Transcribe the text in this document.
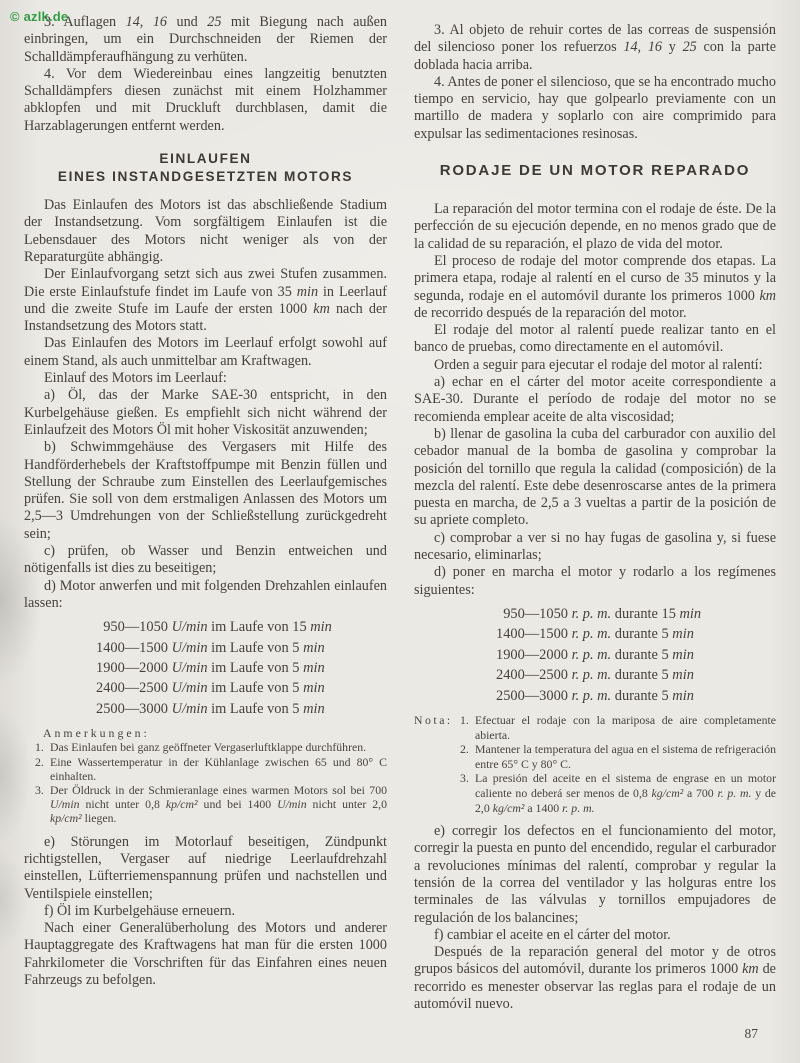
© azlk.de

3. Auflagen 14, 16 und 25 mit Biegung nach außen einbringen, um ein Durchschneiden der Riemen der Schalldämpferaufhängung zu verhüten.

4. Vor dem Wiedereinbau eines langzeitig benutzten Schalldämpfers diesen zunächst mit einem Holzhammer abklopfen und mit Druckluft durchblasen, damit die Harzablagerungen entfernt werden.

EINLAUFEN
EINES INSTANDGESETZTEN MOTORS

Das Einlaufen des Motors ist das abschließende Stadium der Instandsetzung. Vom sorgfältigem Einlaufen ist die Lebensdauer des Motors nicht weniger als von der Reparaturgüte abhängig.

Der Einlaufvorgang setzt sich aus zwei Stufen zusammen. Die erste Einlaufstufe findet im Laufe von 35 min in Leerlauf und die zweite Stufe im Laufe der ersten 1000 km nach der Instandsetzung des Motors statt.

Das Einlaufen des Motors im Leerlauf erfolgt sowohl auf einem Stand, als auch unmittelbar am Kraftwagen.

Einlauf des Motors im Leerlauf:

a) Öl, das der Marke SAE-30 entspricht, in den Kurbelgehäuse gießen. Es empfiehlt sich nicht während der Einlaufzeit des Motors Öl mit hoher Viskosität anzuwenden;

b) Schwimmgehäuse des Vergasers mit Hilfe des Handförderhebels der Kraftstoffpumpe mit Benzin füllen und Stellung der Schraube zum Einstellen des Leerlaufgemisches prüfen. Sie soll von dem erstmaligen Anlassen des Motors um 2,5—3 Umdrehungen von der Schließstellung zurückgedreht sein;

c) prüfen, ob Wasser und Benzin entweichen und nötigenfalls ist dies zu beseitigen;

d) Motor anwerfen und mit folgenden Drehzahlen einlaufen lassen:

 950—1050 U/min im Laufe von 15 min
1400—1500 U/min im Laufe von 5 min
1900—2000 U/min im Laufe von 5 min
2400—2500 U/min im Laufe von 5 min
2500—3000 U/min im Laufe von 5 min
Anmerkungen:
1. Das Einlaufen bei ganz geöffneter Vergaserluftklappe durchführen.
2. Eine Wassertemperatur in der Kühlanlage zwischen 65 und 80° C einhalten.
3. Der Öldruck in der Schmieranlage eines warmen Motors sol bei 700 U/min nicht unter 0,8 kp/cm² und bei 1400 U/min nicht unter 2,0 kp/cm² liegen.

e) Störungen im Motorlauf beseitigen, Zündpunkt richtigstellen, Vergaser auf niedrige Leerlaufdrehzahl einstellen, Lüfterriemenspannung prüfen und nachstellen und Ventilspiele einstellen;

f) Öl im Kurbelgehäuse erneuern.

Nach einer Generalüberholung des Motors und anderer Hauptaggregate des Kraftwagens hat man für die ersten 1000 Fahrkilometer die Vorschriften für das Einfahren eines neuen Fahrzeugs zu befolgen.

3. Al objeto de rehuir cortes de las correas de suspensión del silencioso poner los refuerzos 14, 16 y 25 con la parte doblada hacia arriba.

4. Antes de poner el silencioso, que se ha encontrado mucho tiempo en servicio, hay que golpearlo previamente con un martillo de madera y soplarlo con aire comprimido para expulsar las sedimentaciones resinosas.

RODAJE DE UN MOTOR REPARADO

La reparación del motor termina con el rodaje de éste. De la perfección de su ejecución depende, en no menos grado que de la calidad de su reparación, el plazo de vida del motor.

El proceso de rodaje del motor comprende dos etapas. La primera etapa, rodaje al ralentí en el curso de 35 minutos y la segunda, rodaje en el automóvil durante los primeros 1000 km de recorrido después de la reparación del motor.

El rodaje del motor al ralentí puede realizar tanto en el banco de pruebas, como directamente en el automóvil.

Orden a seguir para ejecutar el rodaje del motor al ralentí:

a) echar en el cárter del motor aceite correspondiente a SAE-30. Durante el período de rodaje del motor no se recomienda emplear aceite de alta viscosidad;

b) llenar de gasolina la cuba del carburador con auxilio del cebador manual de la bomba de gasolina y comprobar la posición del tornillo que regula la calidad (composición) de la mezcla del ralentí. Este debe desenroscarse antes de la primera puesta en marcha, de 2,5 a 3 vueltas a partir de la posición de su apriete completo.

c) comprobar a ver si no hay fugas de gasolina y, si fuese necesario, eliminarlas;

d) poner en marcha el motor y rodarlo a los regímenes siguientes:

 950—1050 r. p. m. durante 15 min
1400—1500 r. p. m. durante 5 min
1900—2000 r. p. m. durante 5 min
2400—2500 r. p. m. durante 5 min
2500—3000 r. p. m. durante 5 min
Nota: 1. Efectuar el rodaje con la mariposa de aire completamente abierta.
2. Mantener la temperatura del agua en el sistema de refrigeración entre 65° C y 80° C.
3. La presión del aceite en el sistema de engrase en un motor caliente no deberá ser menos de 0,8 kg/cm² a 700 r. p. m. y de 2,0 kg/cm² a 1400 r. p. m.

e) corregir los defectos en el funcionamiento del motor, corregir la puesta en punto del encendido, regular el carburador a revoluciones mínimas del ralentí, comprobar y regular la tensión de la correa del ventilador y las holguras entre los terminales de las válvulas y tornillos empujadores de regulación de los balancines;

f) cambiar el aceite en el cárter del motor.

Después de la reparación general del motor y de otros grupos básicos del automóvil, durante los primeros 1000 km de recorrido es menester observar las reglas para el rodaje de un automóvil nuevo.

87
